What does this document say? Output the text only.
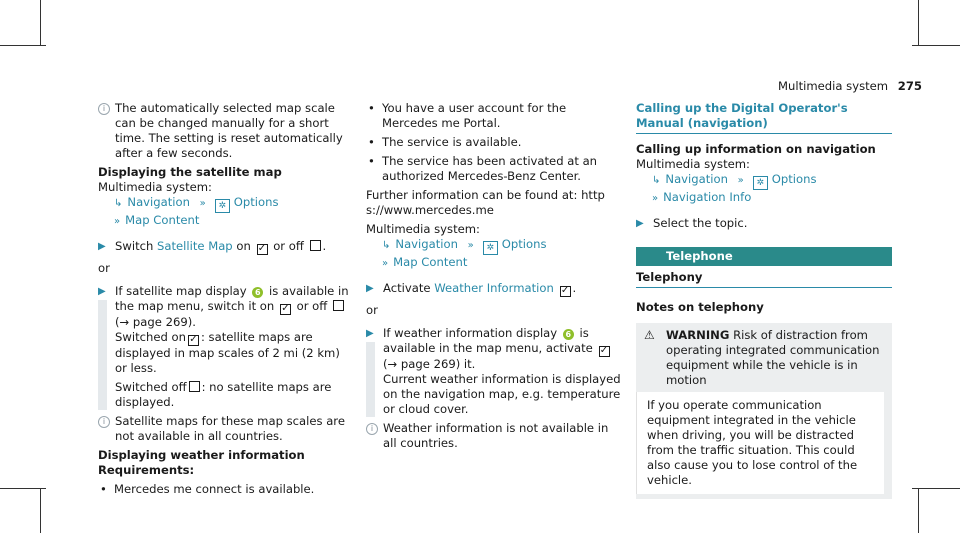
Multimedia system 275
i The automatically selected map scale can be changed manually for a short time. The setting is reset automatically after a few seconds.

Displaying the satellite map

Multimedia system:

↳ Navigation » ✲ Options
» Map Content
▶ Switch Satellite Map on ✓ or off .

or

▶ If satellite map display 6 is available in the map menu, switch it on ✓ or off  (→ page 269).

Switched on ✓ : satellite maps are displayed in map scales of 2 mi (2 km) or less.

Switched off : no satellite maps are displayed.

i Satellite maps for these map scales are not available in all countries.

Displaying weather information

Requirements:

• Mercedes me connect is available.

• You have a user account for the Mercedes me Portal.

• The service is available.

• The service has been activated at an authorized Mercedes-Benz Center.

Further information can be found at: https://www.mercedes.me

Multimedia system:

↳ Navigation » ✲ Options
» Map Content
▶ Activate Weather Information ✓ .

or

▶ If weather information display 6 is available in the map menu, activate ✓ (→ page 269) it.

Current weather information is displayed on the navigation map, e.g. temperature or cloud cover.

i Weather information is not available in all countries.

Calling up the Digital Operator's Manual (navigation)

Calling up information on navigation

Multimedia system:

↳ Navigation » ✲ Options
» Navigation Info
▶ Select the topic.
Telephone

Telephony

Notes on telephony

⚠ WARNING Risk of distraction from operating integrated communication equipment while the vehicle is in motion

If you operate communication equipment integrated in the vehicle when driving, you will be distracted from the traffic situation. This could also cause you to lose control of the vehicle.
